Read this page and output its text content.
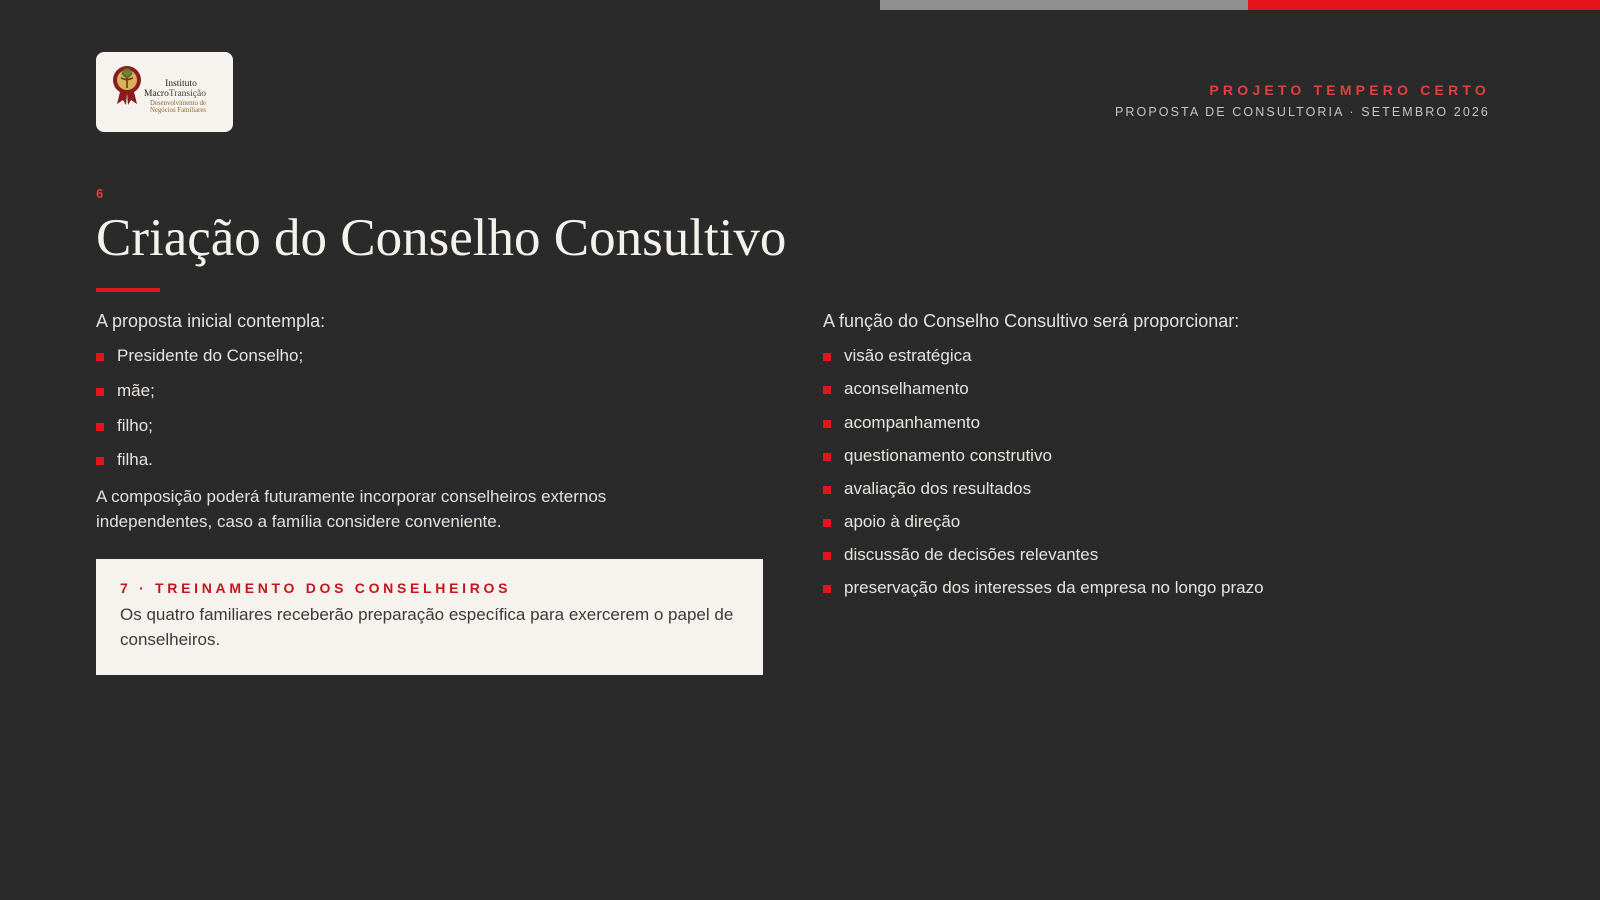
Instituto
MacroTransição
Desenvolvimento de
Negócios Familiares
PROJETO TEMPERO CERTO
PROPOSTA DE CONSULTORIA · SETEMBRO 2026
6
Criação do Conselho Consultivo

A proposta inicial contempla:

Presidente do Conselho;
mãe;
filho;
filha.

A composição poderá futuramente incorporar conselheiros externos independentes, caso a família considere conveniente.

7 · TREINAMENTO DOS CONSELHEIROS
Os quatro familiares receberão preparação específica para exercerem o papel de conselheiros.

A função do Conselho Consultivo será proporcionar:

visão estratégica
aconselhamento
acompanhamento
questionamento construtivo
avaliação dos resultados
apoio à direção
discussão de decisões relevantes
preservação dos interesses da empresa no longo prazo
